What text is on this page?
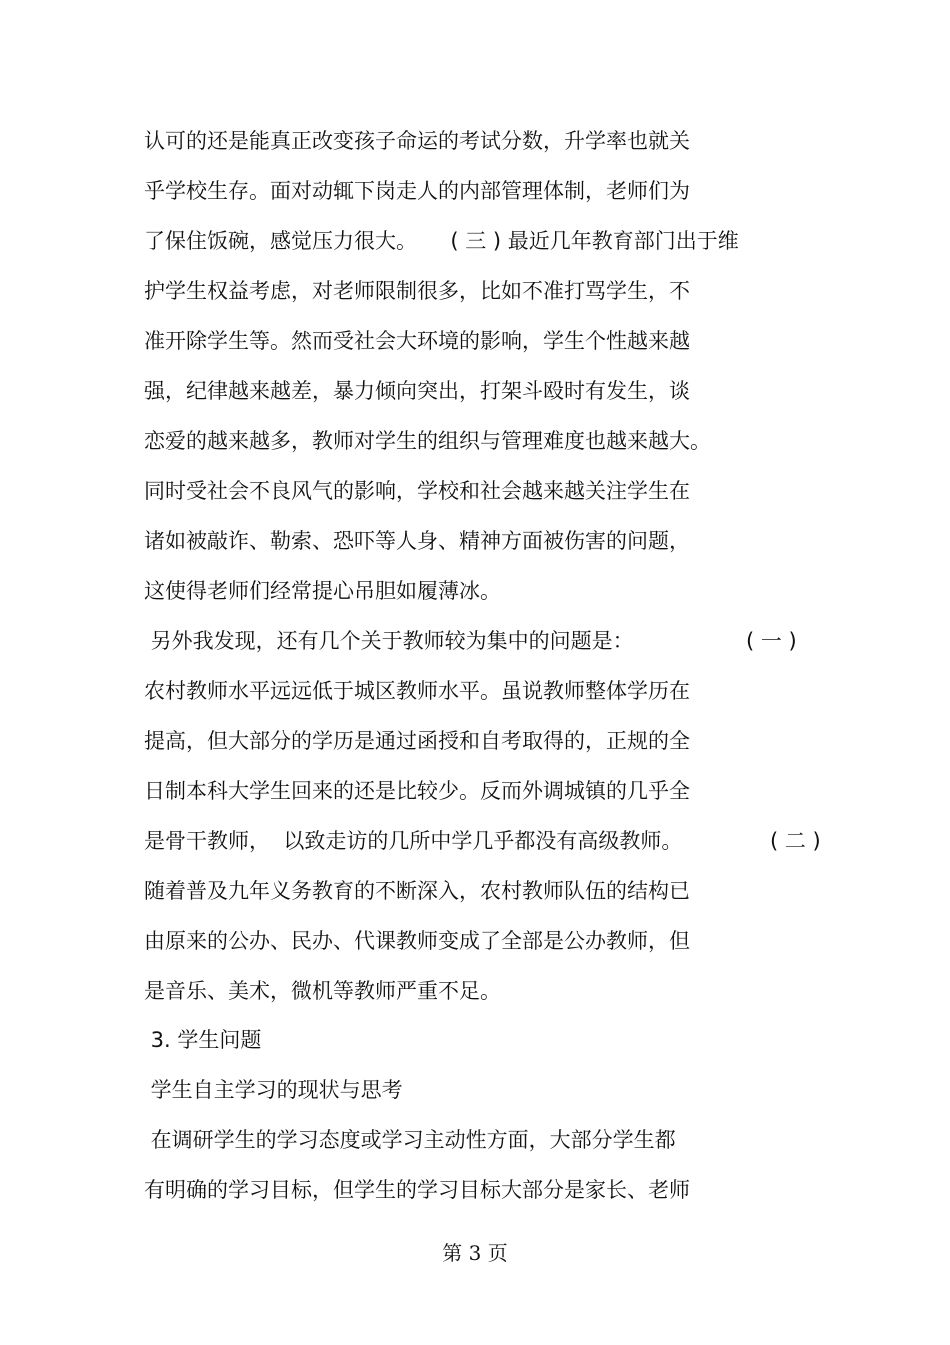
认可的还是能真正改变孩子命运的考试分数，升学率也就关
乎学校生存。面对动辄下岗走人的内部管理体制，老师们为
了保住饭碗，感觉压力很大。     ( 三 ) 最近几年教育部门出于维
护学生权益考虑，对老师限制很多，比如不准打骂学生，不
准开除学生等。然而受社会大环境的影响，学生个性越来越
强，纪律越来越差，暴力倾向突出，打架斗殴时有发生，谈
恋爱的越来越多，教师对学生的组织与管理难度也越来越大。
同时受社会不良风气的影响，学校和社会越来越关注学生在
诸如被敲诈、勒索、恐吓等人身、精神方面被伤害的问题，
这使得老师们经常提心吊胆如履薄冰。
另外我发现，还有几个关于教师较为集中的问题是：	( 一 )
农村教师水平远远低于城区教师水平。虽说教师整体学历在
提高，但大部分的学历是通过函授和自考取得的，正规的全
日制本科大学生回来的还是比较少。反而外调城镇的几乎全
是骨干教师，  以致走访的几所中学几乎都没有高级教师。	( 二 )
随着普及九年义务教育的不断深入，农村教师队伍的结构已
由原来的公办、民办、代课教师变成了全部是公办教师，但
是音乐、美术，微机等教师严重不足。
3. 学生问题
学生自主学习的现状与思考
在调研学生的学习态度或学习主动性方面，大部分学生都
有明确的学习目标，但学生的学习目标大部分是家长、老师
第 3 页
